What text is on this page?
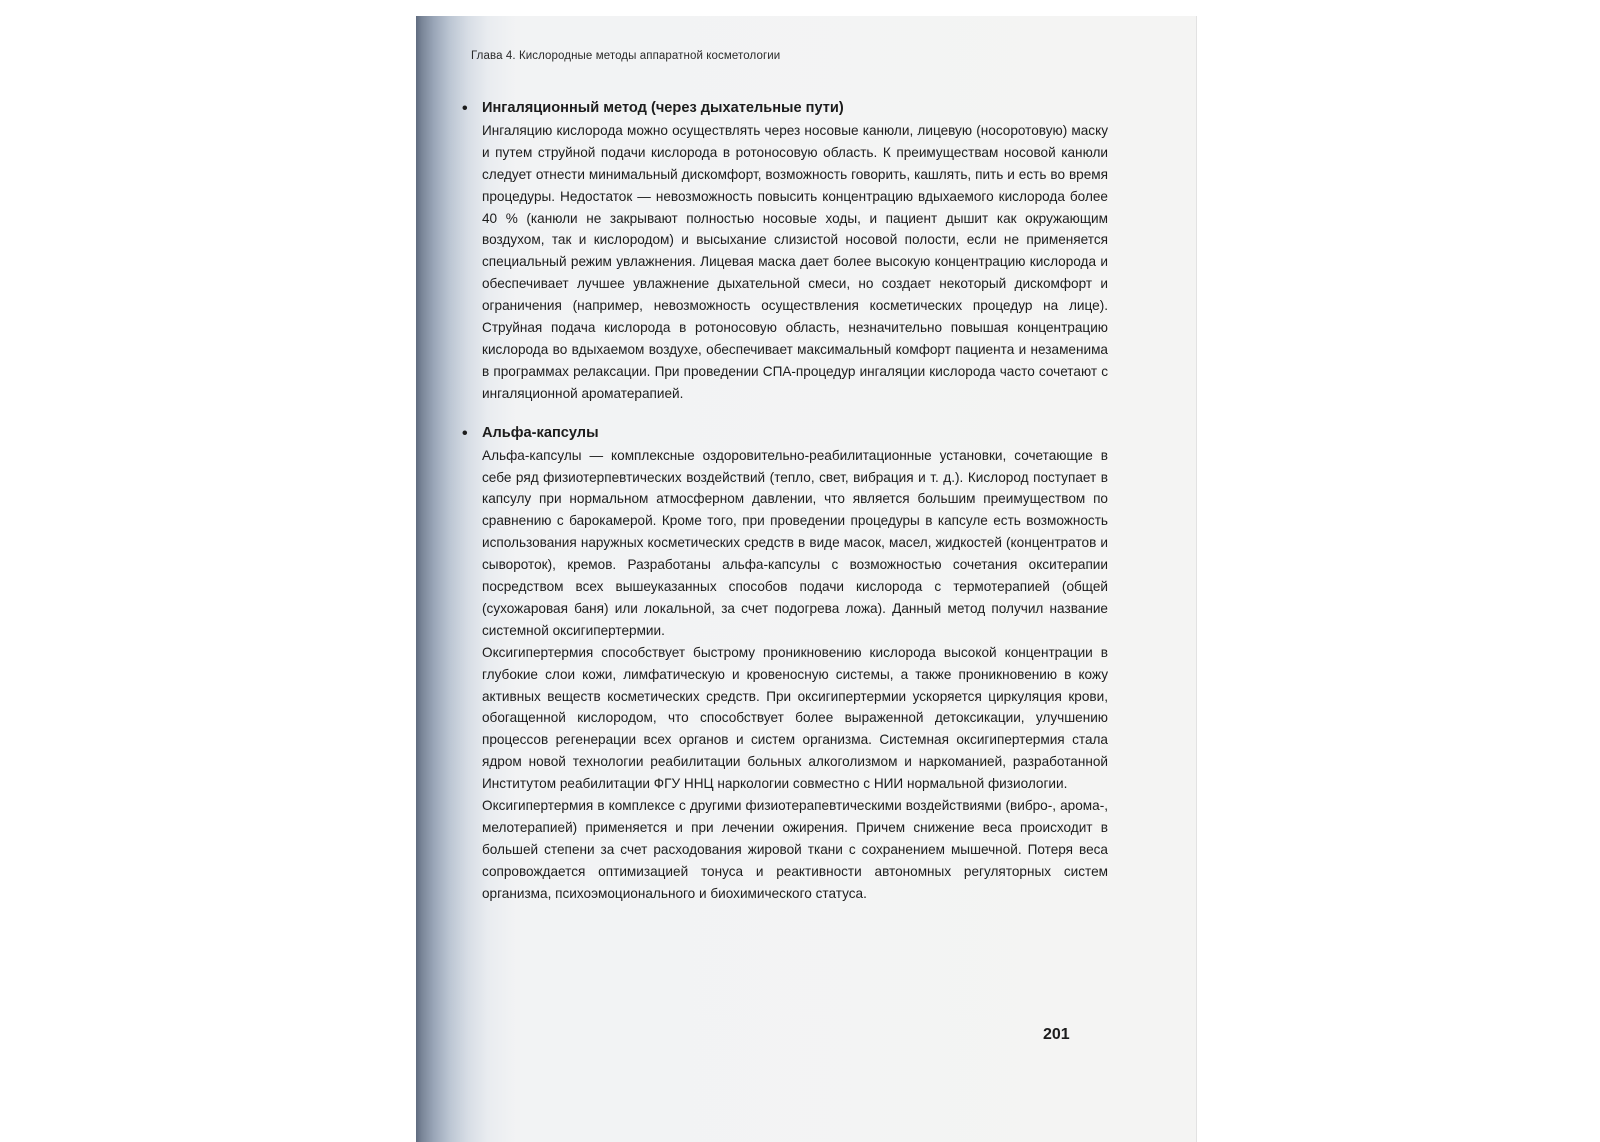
Глава 4. Кислородные методы аппаратной косметологии
• Ингаляционный метод (через дыхательные пути)

Ингаляцию кислорода можно осуществлять через носовые канюли, лицевую (носоротовую) маску и путем струйной подачи кислорода в ротоносовую область. К преимуществам носовой канюли следует отнести минимальный дискомфорт, возможность говорить, кашлять, пить и есть во время процедуры. Недостаток — невозможность повысить концентрацию вдыхаемого кислорода более 40 % (канюли не закрывают полностью носовые ходы, и пациент дышит как окружающим воздухом, так и кислородом) и высыхание слизистой носовой полости, если не применяется специальный режим увлажнения. Лицевая маска дает более высокую концентрацию кислорода и обеспечивает лучшее увлажнение дыхательной смеси, но создает некоторый дискомфорт и ограничения (например, невозможность осуществления косметических процедур на лице). Струйная подача кислорода в ротоносовую область, незначительно повышая концентрацию кислорода во вдыхаемом воздухе, обеспечивает максимальный комфорт пациента и незаменима в программах релаксации. При проведении СПА-процедур ингаляции кислорода часто сочетают с ингаляционной ароматерапией.

• Альфа-капсулы

Альфа-капсулы — комплексные оздоровительно-реабилитационные установки, сочетающие в себе ряд физиотерпевтических воздействий (тепло, свет, вибрация и т. д.). Кислород поступает в капсулу при нормальном атмосферном давлении, что является большим преимуществом по сравнению с барокамерой. Кроме того, при проведении процедуры в капсуле есть возможность использования наружных косметических средств в виде масок, масел, жидкостей (концентратов и сывороток), кремов. Разработаны альфа-капсулы с возможностью сочетания окситерапии посредством всех вышеуказанных способов подачи кислорода с термотерапией (общей (сухожаровая баня) или локальной, за счет подогрева ложа). Данный метод получил название системной оксигипертермии.

Оксигипертермия способствует быстрому проникновению кислорода высокой концентрации в глубокие слои кожи, лимфатическую и кровеносную системы, а также проникновению в кожу активных веществ косметических средств. При оксигипертермии ускоряется циркуляция крови, обогащенной кислородом, что способствует более выраженной детоксикации, улучшению процессов регенерации всех органов и систем организма. Системная оксигипертермия стала ядром новой технологии реабилитации больных алкоголизмом и наркоманией, разработанной Институтом реабилитации ФГУ ННЦ наркологии совместно с НИИ нормальной физиологии.

Оксигипертермия в комплексе с другими физиотерапевтическими воздействиями (вибро-, арома-, мелотерапией) применяется и при лечении ожирения. Причем снижение веса происходит в большей степени за счет расходования жировой ткани с сохранением мышечной. Потеря веса сопровождается оптимизацией тонуса и реактивности автономных регуляторных систем организма, психоэмоционального и биохимического статуса.

201
